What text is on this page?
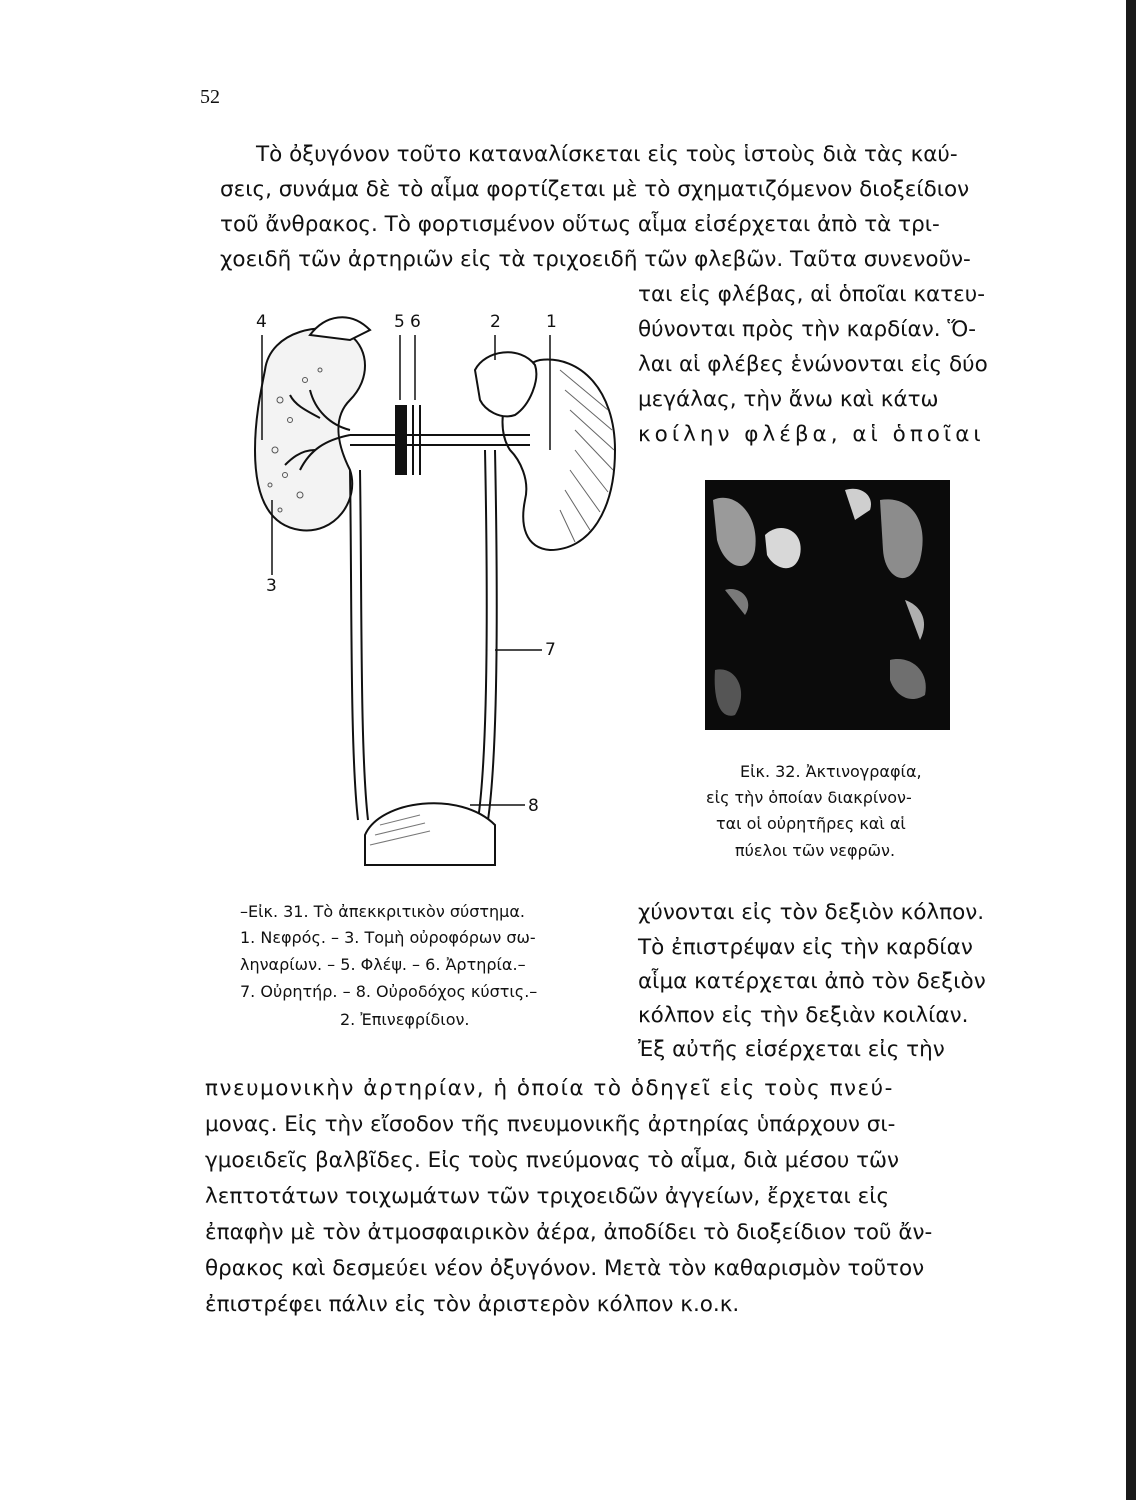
52
Τὸ ὀξυγόνον τοῦτο καταναλίσκεται εἰς τοὺς ἱστοὺς διὰ τὰς καύ-
σεις, συνάμα δὲ τὸ αἷμα φορτίζεται μὲ τὸ σχηματιζόμενον διοξείδιον
τοῦ ἄνθρακος. Τὸ φορτισμένον οὕτως αἷμα εἰσέρχεται ἀπὸ τὰ τρι-
χοειδῆ τῶν ἀρτηριῶν εἰς τὰ τριχοειδῆ τῶν φλεβῶν. Ταῦτα συνενοῦν-
ται εἰς φλέβας, αἱ ὁποῖαι κατευ-
θύνονται πρὸς τὴν καρδίαν. Ὅ-
λαι αἱ φλέβες ἑνώνονται εἰς δύο
μεγάλας, τὴν ἄνω καὶ κάτω
κοίλην φλέβα, αἱ ὁποῖαι
4	5 6	2	1
3
7
8
Εἰκ. 32. Ἀκτινογραφία,
εἰς τὴν ὁποίαν διακρίνον-
ται οἱ οὐρητῆρες καὶ αἱ
πύελοι τῶν νεφρῶν.
–Εἰκ. 31. Τὸ ἀπεκκριτικὸν σύστημα.
1. Νεφρός. – 3. Τομὴ οὐροφόρων σω-
ληναρίων. – 5. Φλέψ. – 6. Ἀρτηρία.–
7. Οὐρητήρ. – 8. Οὐροδόχος κύστις.–
2. Ἐπινεφρίδιον.
χύνονται εἰς τὸν δεξιὸν κόλπον.
Τὸ ἐπιστρέψαν εἰς τὴν καρδίαν
αἷμα κατέρχεται ἀπὸ τὸν δεξιὸν
κόλπον εἰς τὴν δεξιὰν κοιλίαν.
Ἐξ αὐτῆς εἰσέρχεται εἰς τὴν
πνευμονικὴν ἀρτηρίαν, ἡ ὁποία τὸ ὁδηγεῖ εἰς τοὺς πνεύ-
μονας. Εἰς τὴν εἴσοδον τῆς πνευμονικῆς ἀρτηρίας ὑπάρχουν σι-
γμοειδεῖς βαλβῖδες. Εἰς τοὺς πνεύμονας τὸ αἷμα, διὰ μέσου τῶν
λεπτοτάτων τοιχωμάτων τῶν τριχοειδῶν ἀγγείων, ἔρχεται εἰς
ἐπαφὴν μὲ τὸν ἀτμοσφαιρικὸν ἀέρα, ἀποδίδει τὸ διοξείδιον τοῦ ἄν-
θρακος καὶ δεσμεύει νέον ὀξυγόνον. Μετὰ τὸν καθαρισμὸν τοῦτον
ἐπιστρέφει πάλιν εἰς τὸν ἀριστερὸν κόλπον κ.ο.κ.
